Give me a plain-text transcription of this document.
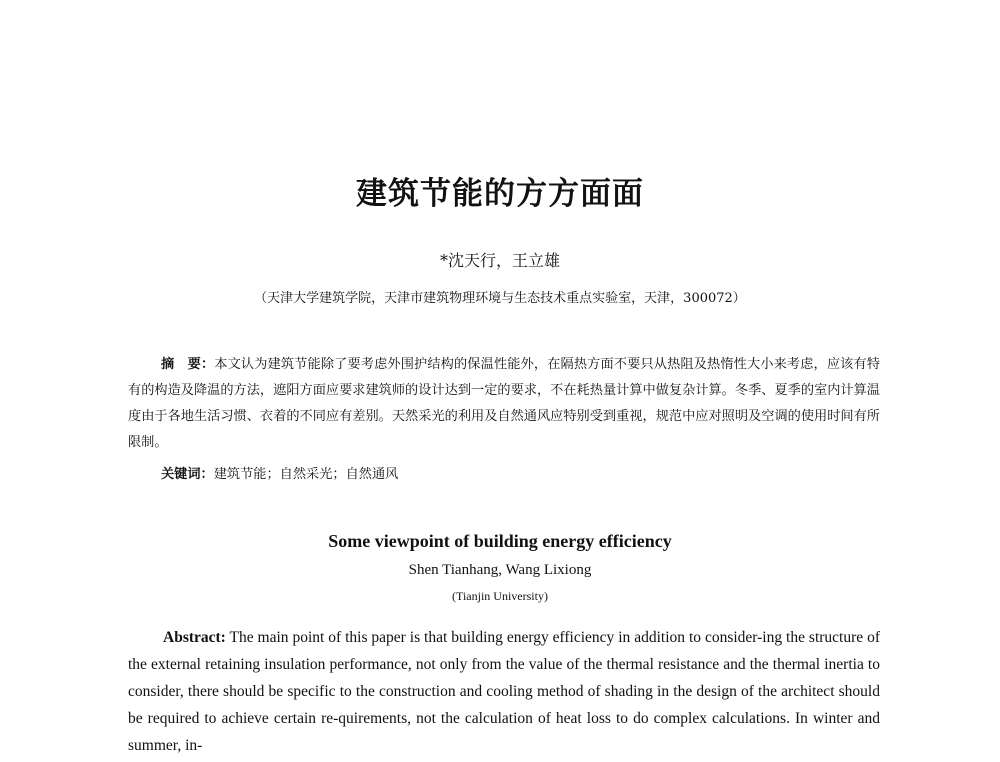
建筑节能的方方面面
*沈天行，王立雄
（天津大学建筑学院，天津市建筑物理环境与生态技术重点实验室，天津，300072）
摘　要：本文认为建筑节能除了要考虑外围护结构的保温性能外，在隔热方面不要只从热阻及热惰性大小来考虑，应该有特有的构造及降温的方法，遮阳方面应要求建筑师的设计达到一定的要求，不在耗热量计算中做复杂计算。冬季、夏季的室内计算温度由于各地生活习惯、衣着的不同应有差别。天然采光的利用及自然通风应特别受到重视，规范中应对照明及空调的使用时间有所限制。
关键词：建筑节能；自然采光；自然通风
Some viewpoint of building energy efficiency
Shen Tianhang, Wang Lixiong
(Tianjin University)
Abstract: The main point of this paper is that building energy efficiency in addition to consider-ing the structure of the external retaining insulation performance, not only from the value of the thermal resistance and the thermal inertia to consider, there should be specific to the construction and cooling method of shading in the design of the architect should be required to achieve certain re-quirements, not the calculation of heat loss to do complex calculations. In winter and summer, in-
